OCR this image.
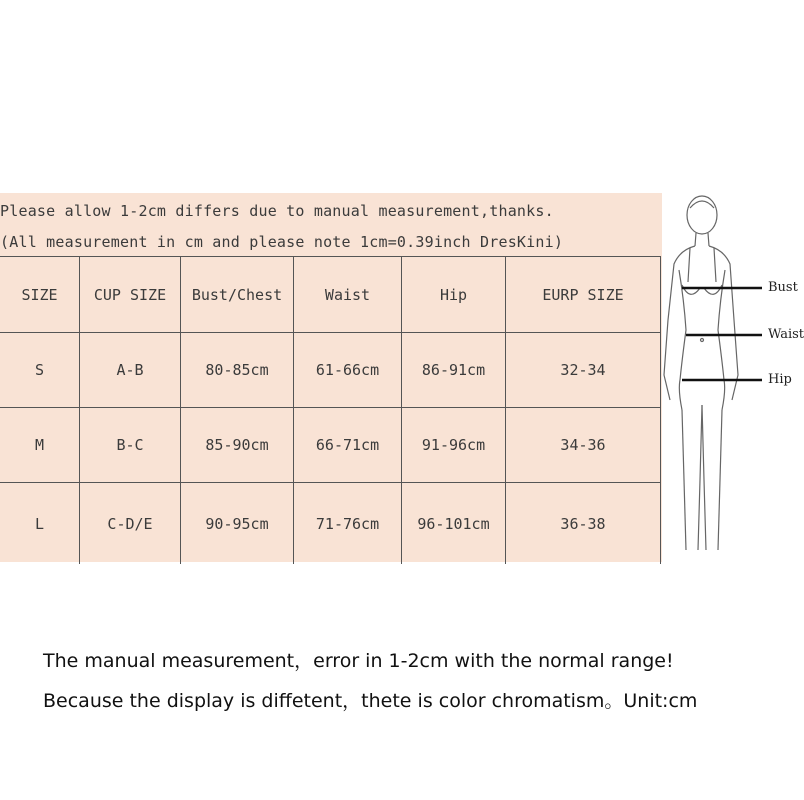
Please allow 1-2cm differs due to manual measurement,thanks.
(All measurement in cm and please note 1cm=0.39inch DresKini)
SIZE	CUP SIZE	Bust/Chest	Waist	Hip	EURP SIZE
S	A-B	80-85cm	61-66cm	86-91cm	32-34
M	B-C	85-90cm	66-71cm	91-96cm	34-36
L	C-D/E	90-95cm	71-76cm	96-101cm	36-38
Bust
Waist
Hip
The manual measurement，error in 1-2cm with the normal range!
Because the display is diffetent，thete is color chromatism。Unit:cm
